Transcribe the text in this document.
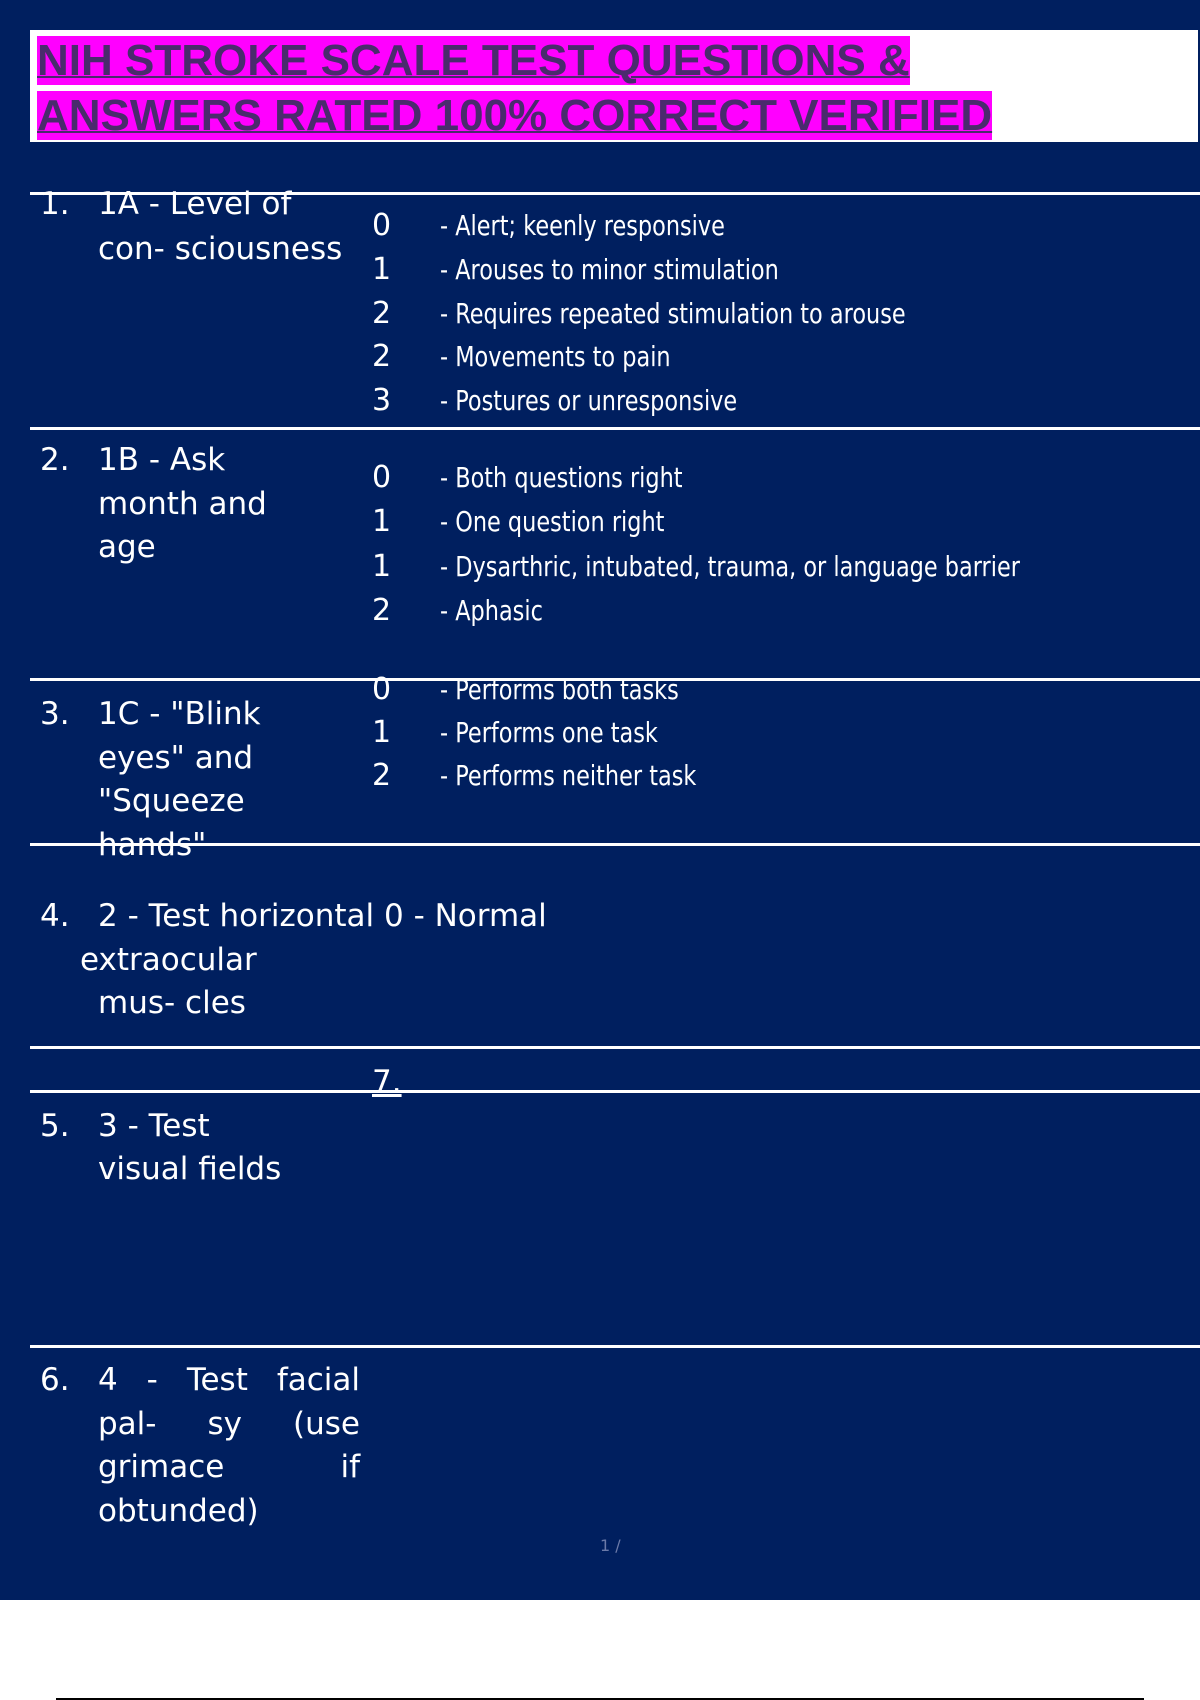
NIH STROKE SCALE TEST QUESTIONS &
ANSWERS RATED 100% CORRECT VERIFIED
1. 1A - Level of
con- sciousness
0 - Alert; keenly responsive
1 - Arouses to minor stimulation
2 - Requires repeated stimulation to arouse
2 - Movements to pain
3 - Postures or unresponsive
2. 1B - Ask
month and
age
0 - Both questions right
1 - One question right
1 - Dysarthric, intubated, trauma, or language barrier
2 - Aphasic
3. 1C - "Blink
eyes" and
"Squeeze
hands"
0 - Performs both tasks
1 - Performs one task
2 - Performs neither task
4. 2 - Test horizontal 0 - Normal
extraocular
mus- cles
7.
5. 3 - Test
visual fields
6. 4 - Test facial
pal- sy (use
grimace if
obtunded)
1 /
